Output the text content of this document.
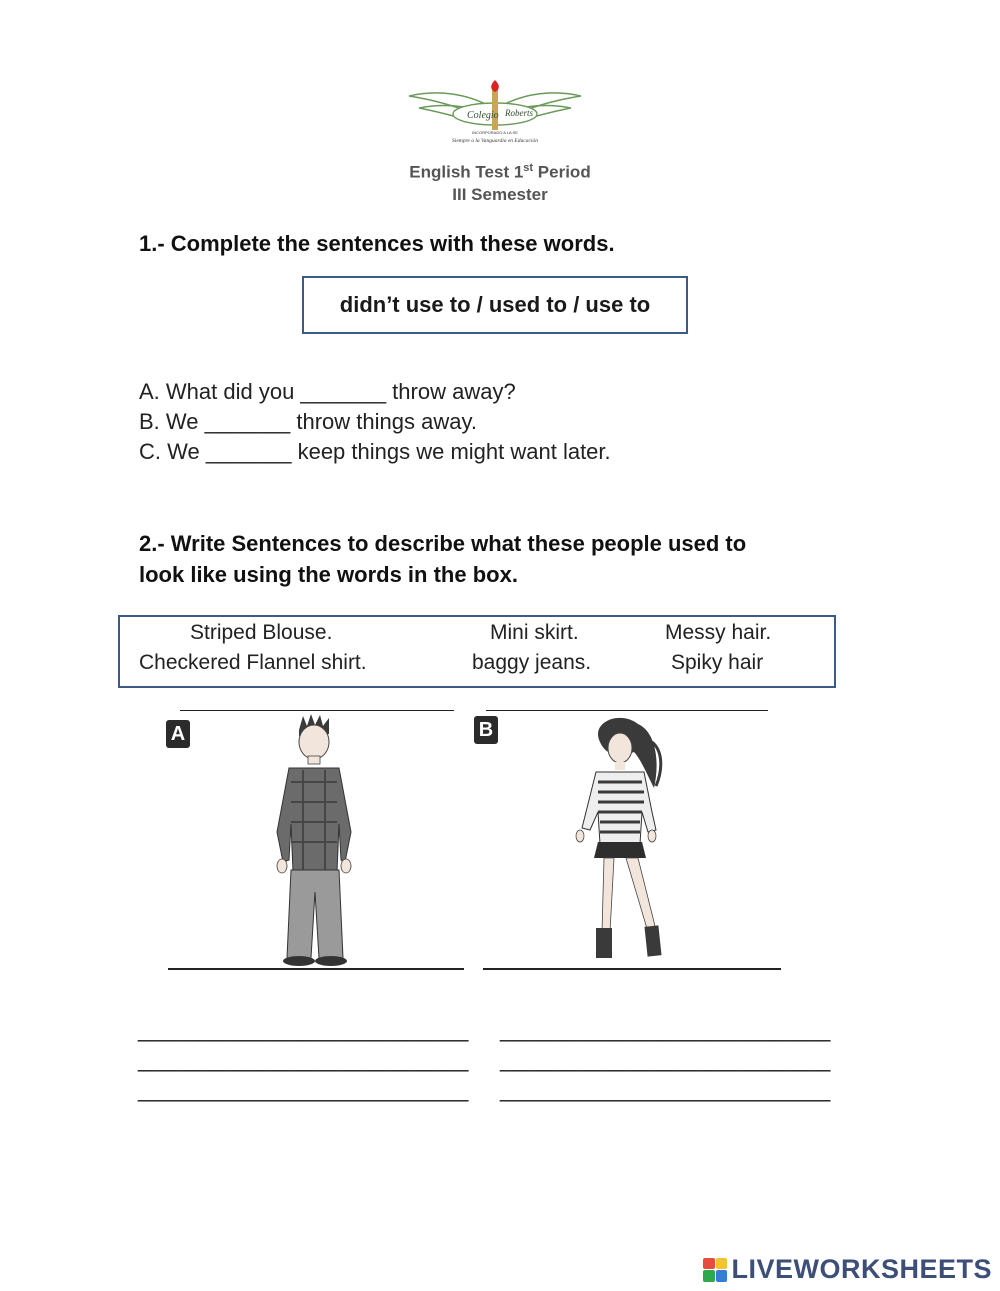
Colegio Roberts
INCORPORADO A LA SE
Siempre a la Vanguardia en Educación
English Test 1st Period
III Semester
1.- Complete the sentences with these words.
didn’t use to / used to / use to
A. What did you _______ throw away?
B. We _______ throw things away.
C. We _______ keep things we might want later.
2.- Write Sentences to describe what these people used to
look like using the words in the box.
Striped Blouse.	Mini skirt.	Messy hair.
Checkered Flannel shirt.	baggy jeans.	Spiky hair
A	B
___________________________
___________________________
___________________________
___________________________
___________________________
___________________________
LIVEWORKSHEETS
